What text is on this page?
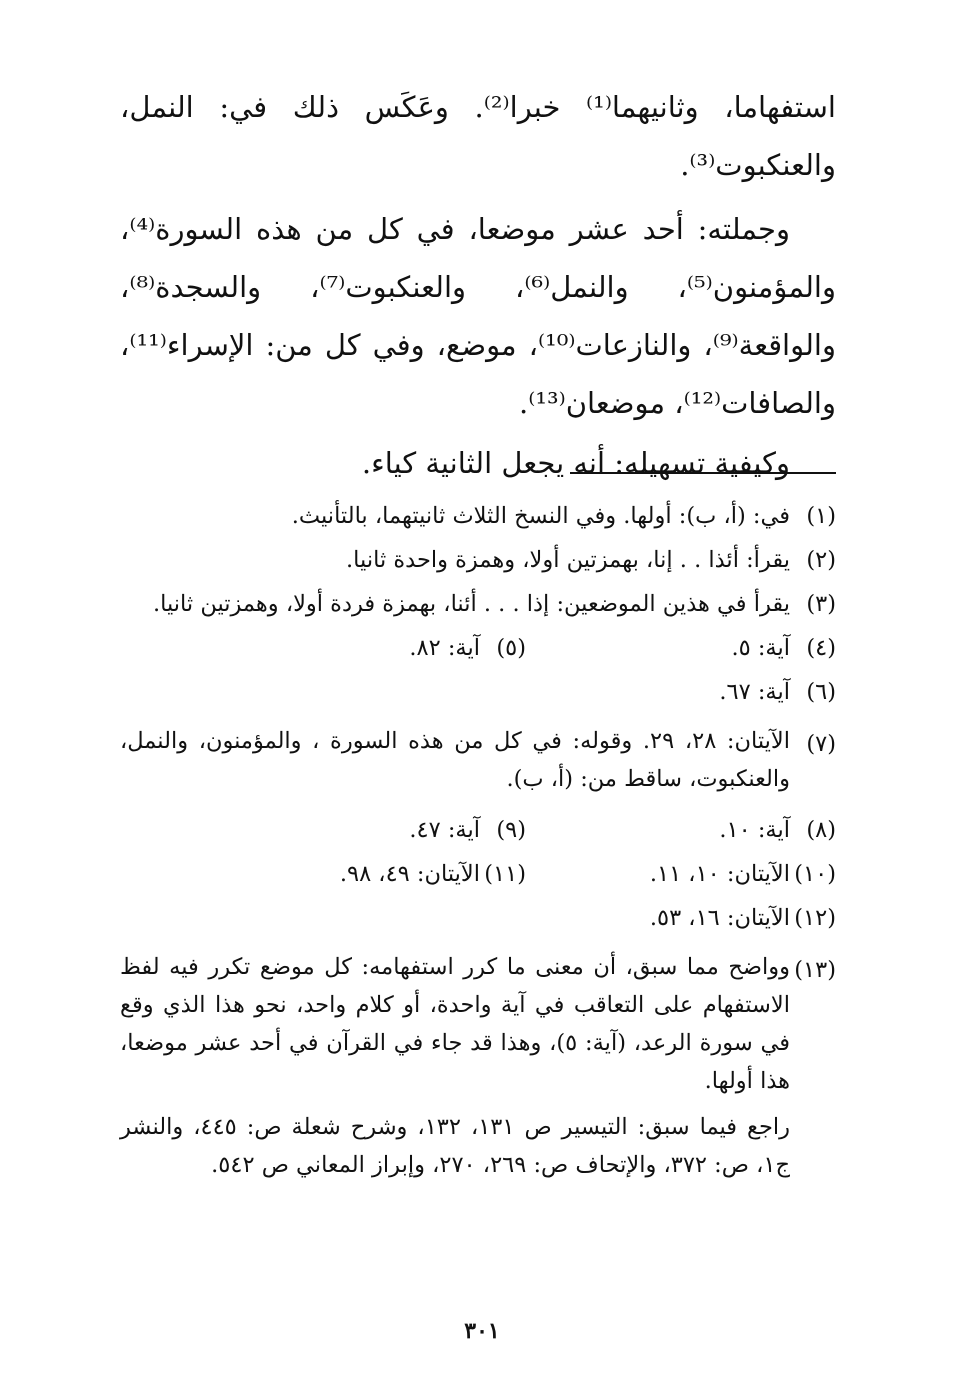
استفهاما، وثانيهما⁽¹⁾ خبرا⁽²⁾. وعَكَس ذلك في: النمل، والعنكبوت⁽³⁾.

وجملته: أحد عشر موضعا، في كل من هذه السورة⁽⁴⁾، والمؤمنون⁽⁵⁾، والنمل⁽⁶⁾، والعنكبوت⁽⁷⁾، والسجدة⁽⁸⁾، والواقعة⁽⁹⁾، والنازعات⁽¹⁰⁾، موضع، وفي كل من: الإسراء⁽¹¹⁾، والصافات⁽¹²⁾، موضعان⁽¹³⁾.

وكيفية تسهيله: أنه يجعل الثانية كياء.

(١)
في: (أ، ب): أولها. وفي النسخ الثلاث ثانيتهما، بالتأنيث.
(٢)
يقرأ: أئذا . . إنا، بهمزتين أولا، وهمزة واحدة ثانيا.
(٣)
يقرأ في هذين الموضعين: إذا . . . أئنا، بهمزة فردة أولا، وهمزتين ثانيا.
(٤)
آية: ٥.
(٥)
آية: ٨٢.
(٦)
آية: ٦٧.
(٧)
الآيتان: ٢٨، ٢٩. وقوله: في كل من هذه السورة ، والمؤمنون، والنمل، والعنكبوت، ساقط من: (أ، ب).
(٨)
آية: ١٠.
(٩)
آية: ٤٧.
(١٠)
الآيتان: ١٠، ١١.
(١١)
الآيتان: ٤٩، ٩٨.
(١٢)
الآيتان: ١٦، ٥٣.
(١٣)
وواضح مما سبق، أن معنى ما كرر استفهامه: كل موضع تكرر فيه لفظ الاستفهام على التعاقب في آية واحدة، أو كلام واحد، نحو هذا الذي وقع في سورة الرعد، (آية: ٥)، وهذا قد جاء في القرآن في أحد عشر موضعا، هذا أولها.
راجع فيما سبق: التيسير ص ١٣١، ١٣٢، وشرح شعلة ص: ٤٤٥، والنشر ج١، ص: ٣٧٢، والإتحاف ص: ٢٦٩، ٢٧٠، وإبراز المعاني ص ٥٤٢.
٣٠١
